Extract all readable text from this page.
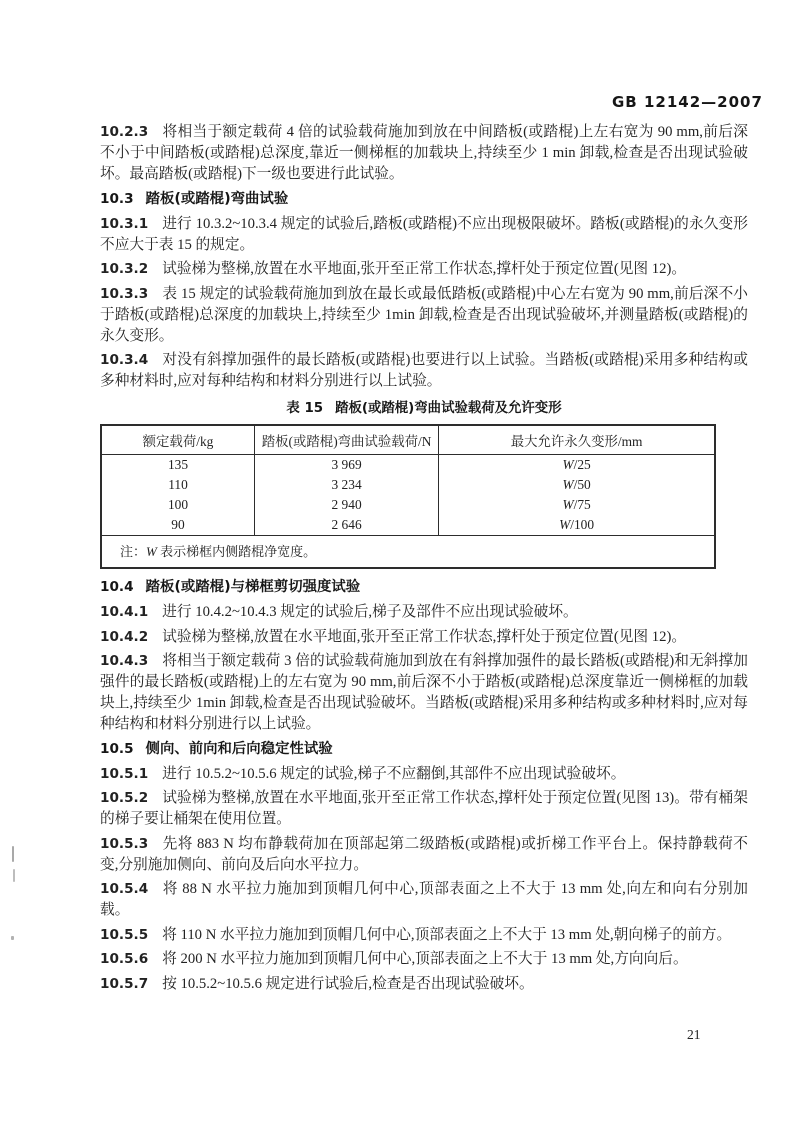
GB 12142—2007

10.2.3 将相当于额定载荷 4 倍的试验载荷施加到放在中间踏板(或踏棍)上左右宽为 90 mm,前后深不小于中间踏板(或踏棍)总深度,靠近一侧梯框的加载块上,持续至少 1 min 卸载,检查是否出现试验破坏。最高踏板(或踏棍)下一级也要进行此试验。

10.3 踏板(或踏棍)弯曲试验

10.3.1 进行 10.3.2~10.3.4 规定的试验后,踏板(或踏棍)不应出现极限破坏。踏板(或踏棍)的永久变形不应大于表 15 的规定。

10.3.2 试验梯为整梯,放置在水平地面,张开至正常工作状态,撑杆处于预定位置(见图 12)。

10.3.3 表 15 规定的试验载荷施加到放在最长或最低踏板(或踏棍)中心左右宽为 90 mm,前后深不小于踏板(或踏棍)总深度的加载块上,持续至少 1min 卸载,检查是否出现试验破坏,并测量踏板(或踏棍)的永久变形。

10.3.4 对没有斜撑加强件的最长踏板(或踏棍)也要进行以上试验。当踏板(或踏棍)采用多种结构或多种材料时,应对每种结构和材料分别进行以上试验。

表 15 踏板(或踏棍)弯曲试验载荷及允许变形
额定载荷/kg	踏板(或踏棍)弯曲试验载荷/N	最大允许永久变形/mm
135	3 969	W/25
110	3 234	W/50
100	2 940	W/75
90	2 646	W/100
注：W 表示梯框内侧踏棍净宽度。		

10.4 踏板(或踏棍)与梯框剪切强度试验

10.4.1 进行 10.4.2~10.4.3 规定的试验后,梯子及部件不应出现试验破坏。

10.4.2 试验梯为整梯,放置在水平地面,张开至正常工作状态,撑杆处于预定位置(见图 12)。

10.4.3 将相当于额定载荷 3 倍的试验载荷施加到放在有斜撑加强件的最长踏板(或踏棍)和无斜撑加强件的最长踏板(或踏棍)上的左右宽为 90 mm,前后深不小于踏板(或踏棍)总深度靠近一侧梯框的加载块上,持续至少 1min 卸载,检查是否出现试验破坏。当踏板(或踏棍)采用多种结构或多种材料时,应对每种结构和材料分别进行以上试验。

10.5 侧向、前向和后向稳定性试验

10.5.1 进行 10.5.2~10.5.6 规定的试验,梯子不应翻倒,其部件不应出现试验破坏。

10.5.2 试验梯为整梯,放置在水平地面,张开至正常工作状态,撑杆处于预定位置(见图 13)。带有桶架的梯子要让桶架在使用位置。

10.5.3 先将 883 N 均布静载荷加在顶部起第二级踏板(或踏棍)或折梯工作平台上。保持静载荷不变,分别施加侧向、前向及后向水平拉力。

10.5.4 将 88 N 水平拉力施加到顶帽几何中心,顶部表面之上不大于 13 mm 处,向左和向右分别加载。

10.5.5 将 110 N 水平拉力施加到顶帽几何中心,顶部表面之上不大于 13 mm 处,朝向梯子的前方。

10.5.6 将 200 N 水平拉力施加到顶帽几何中心,顶部表面之上不大于 13 mm 处,方向向后。

10.5.7 按 10.5.2~10.5.6 规定进行试验后,检查是否出现试验破坏。

21
